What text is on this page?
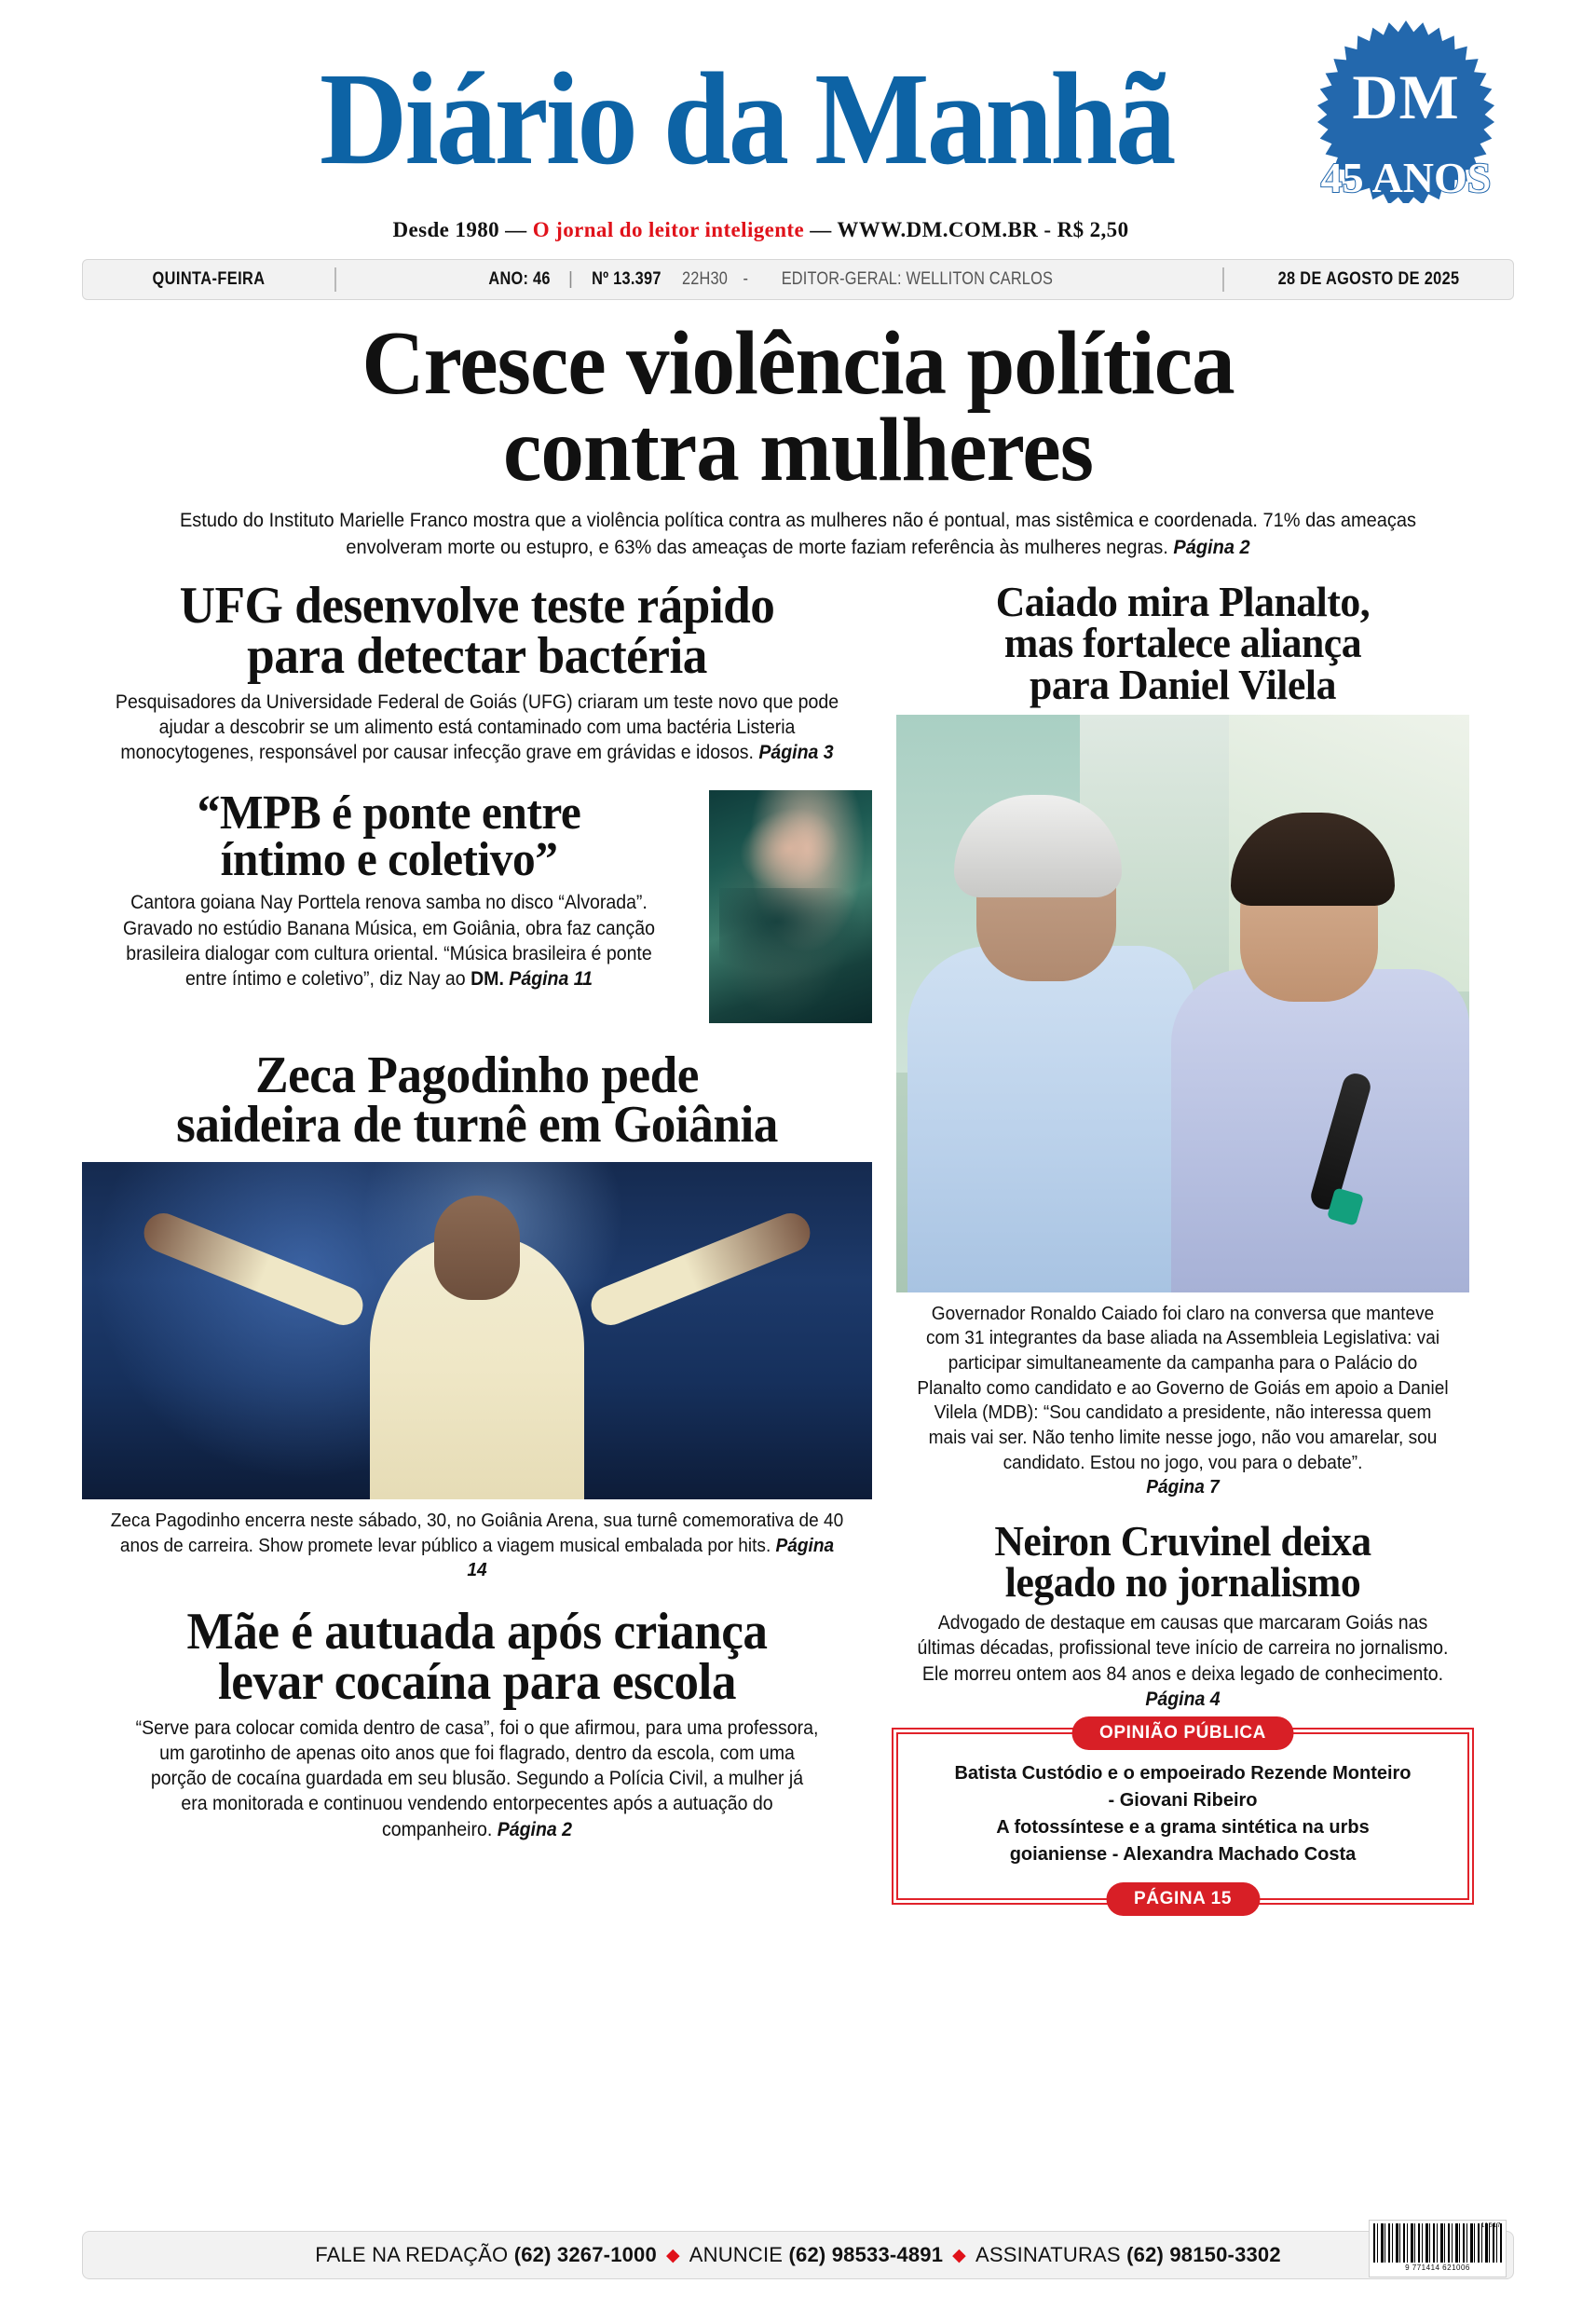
Diário da Manhã	DM
45 ANOS
Desde 1980 — O jornal do leitor inteligente — WWW.DM.COM.BR - R$ 2,50
QUINTA-FEIRA	ANO: 46 | Nº 13.397 22H30 - EDITOR-GERAL: WELLITON CARLOS	28 DE AGOSTO DE 2025
Cresce violência política
contra mulheres

Estudo do Instituto Marielle Franco mostra que a violência política contra as mulheres não é pontual, mas sistêmica e coordenada. 71% das ameaças envolveram morte ou estupro, e 63% das ameaças de morte faziam referência às mulheres negras. Página 2

UFG desenvolve teste rápido
para detectar bactéria

Pesquisadores da Universidade Federal de Goiás (UFG) criaram um teste novo que pode ajudar a descobrir se um alimento está contaminado com uma bactéria Listeria monocytogenes, responsável por causar infecção grave em grávidas e idosos. Página 3

“MPB é ponte entre
íntimo e coletivo”

Cantora goiana Nay Porttela renova samba no disco “Alvorada”. Gravado no estúdio Banana Música, em Goiânia, obra faz canção brasileira dialogar com cultura oriental. “Música brasileira é ponte entre íntimo e coletivo”, diz Nay ao DM. Página 11

Zeca Pagodinho pede
saideira de turnê em Goiânia

Zeca Pagodinho encerra neste sábado, 30, no Goiânia Arena, sua turnê comemorativa de 40 anos de carreira. Show promete levar público a viagem musical embalada por hits. Página 14

Mãe é autuada após criança
levar cocaína para escola

“Serve para colocar comida dentro de casa”, foi o que afirmou, para uma professora, um garotinho de apenas oito anos que foi flagrado, dentro da escola, com uma porção de cocaína guardada em seu blusão. Segundo a Polícia Civil, a mulher já era monitorada e continuou vendendo entorpecentes após a autuação do companheiro. Página 2

Caiado mira Planalto,
mas fortalece aliança
para Daniel Vilela

Governador Ronaldo Caiado foi claro na conversa que manteve com 31 integrantes da base aliada na Assembleia Legislativa: vai participar simultaneamente da campanha para o Palácio do Planalto como candidato e ao Governo de Goiás em apoio a Daniel Vilela (MDB): “Sou candidato a presidente, não interessa quem mais vai ser. Não tenho limite nesse jogo, não vou amarelar, sou candidato. Estou no jogo, vou para o debate”.
Página 7

Neiron Cruvinel deixa
legado no jornalismo

Advogado de destaque em causas que marcaram Goiás nas últimas décadas, profissional teve início de carreira no jornalismo. Ele morreu ontem aos 84 anos e deixa legado de conhecimento. Página 4

OPINIÃO PÚBLICA

Batista Custódio e o empoeirado Rezende Monteiro

- Giovani Ribeiro

A fotossíntese e a grama sintética na urbs

goianiense - Alexandra Machado Costa

PÁGINA 15
FALE NA REDAÇÃO
(62) 3267-1000 ◆ ANUNCIE
(62) 98533-4891 ◆ ASSINATURAS
(62) 98150-3302
11517
9 771414 621006
